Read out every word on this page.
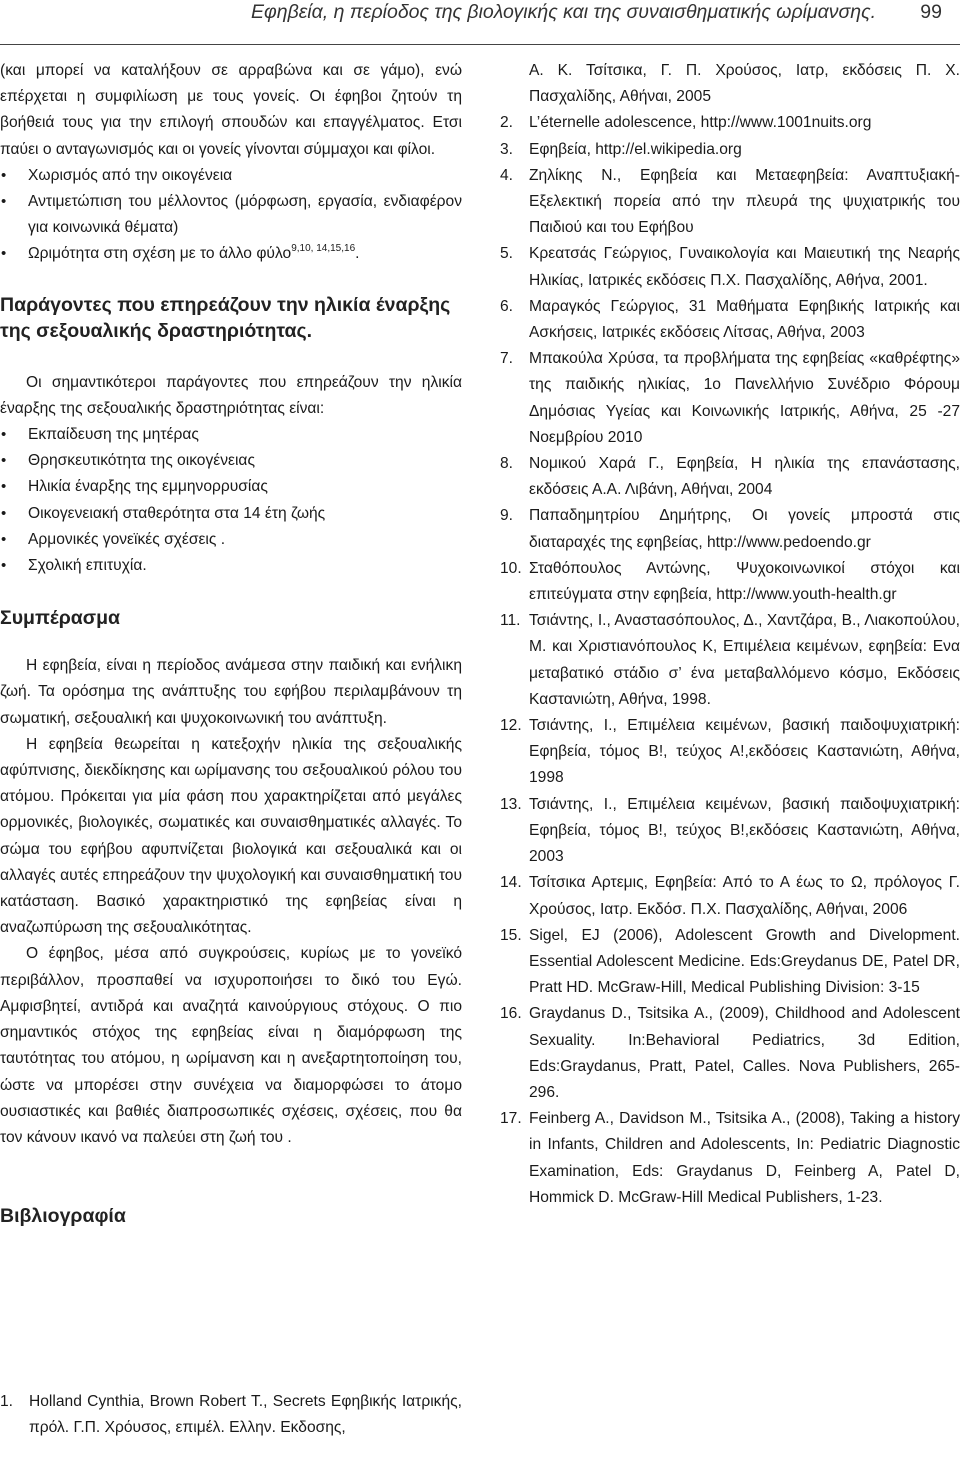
Εφηβεία, η περίοδος της βιολογικής και της συναισθηματικής ωρίμανσης. 99

(και μπορεί να καταλήξουν σε αρραβώνα και σε γάμο), ενώ επέρχεται η συμφιλίωση με τους γονείς. Οι έφηβοι ζητούν τη βοήθειά τους για την επιλογή σπουδών και επαγγέλματος. Ετσι παύει ο ανταγωνισμός και οι γονείς γίνονται σύμμαχοι και φίλοι.

• Χωρισμός από την οικογένεια
• Αντιμετώπιση του μέλλοντος (μόρφωση, εργασία, ενδιαφέρον για κοινωνικά θέματα)
• Ωριμότητα στη σχέση με το άλλο φύλο$^{9,10, 14,15,16}$.
Παράγοντες που επηρεάζουν την ηλικία έναρξης της σεξουαλικής δραστηριότητας.

Οι σημαντικότεροι παράγοντες που επηρεάζουν την ηλικία έναρξης της σεξουαλικής δραστηριότητας είναι:

• Εκπαίδευση της μητέρας
• Θρησκευτικότητα της οικογένειας
• Ηλικία έναρξης της εμμηνορρυσίας
• Οικογενειακή σταθερότητα στα 14 έτη ζωής
• Αρμονικές γονεϊκές σχέσεις .
• Σχολική επιτυχία.
Συμπέρασμα

Η εφηβεία, είναι η περίοδος ανάμεσα στην παιδική και ενήλικη ζωή. Τα ορόσημα της ανάπτυξης του εφήβου περιλαμβάνουν τη σωματική, σεξουαλική και ψυχοκοινωνική του ανάπτυξη.

Η εφηβεία θεωρείται η κατεξοχήν ηλικία της σεξουαλικής αφύπνισης, διεκδίκησης και ωρίμανσης του σεξουαλικού ρόλου του ατόμου. Πρόκειται για μία φάση που χαρακτηρίζεται από μεγάλες ορμονικές, βιολογικές, σωματικές και συναισθηματικές αλλαγές. Το σώμα του εφήβου αφυπνίζεται βιολογικά και σεξουαλικά και οι αλλαγές αυτές επηρεάζουν την ψυχολογική και συναισθηματική του κατάσταση. Βασικό χαρακτηριστικό της εφηβείας είναι η αναζωπύρωση της σεξουαλικότητας.

Ο έφηβος, μέσα από συγκρούσεις, κυρίως με το γονεϊκό περιβάλλον, προσπαθεί να ισχυροποιήσει το δικό του Εγώ. Αμφισβητεί, αντιδρά και αναζητά καινούργιους στόχους. Ο πιο σημαντικός στόχος της εφηβείας είναι η διαμόρφωση της ταυτότητας του ατόμου, η ωρίμανση και η ανεξαρτητοποίηση του, ώστε να μπορέσει στην συνέχεια να διαμορφώσει το άτομο ουσιαστικές και βαθιές διαπροσωπικές σχέσεις, σχέσεις, που θα τον κάνουν ικανό να παλεύει στη ζωή του .

Βιβλιογραφία
1. Holland Cynthia, Brown Robert T., Secrets Εφηβικής Ιατρικής, πρόλ. Γ.Π. Χρόυσος, επιμέλ. Ελλην. Εκδοσης,
Α. Κ. Τσίτσικα, Γ. Π. Χρούσος, Ιατρ, εκδόσεις Π. Χ. Πασχαλίδης, Αθήναι, 2005
2. L’éternelle adolescence, http://www.1001nuits.org
3. Εφηβεία, http://el.wikipedia.org
4. Ζηλίκης Ν., Εφηβεία και Μεταεφηβεία: Αναπτυξιακή-Εξελεκτική πορεία από την πλευρά της ψυχιατρικής του Παιδιού και του Εφήβου
5. Κρεατσάς Γεώργιος, Γυναικολογία και Μαιευτική της Νεαρής Ηλικίας, Ιατρικές εκδόσεις Π.Χ. Πασχαλίδης, Αθήνα, 2001.
6. Μαραγκός Γεώργιος, 31 Μαθήματα Εφηβικής Ιατρικής και Ασκήσεις, Ιατρικές εκδόσεις Λίτσας, Αθήνα, 2003
7. Μπακούλα Χρύσα, τα προβλήματα της εφηβείας «καθρέφτης» της παιδικής ηλικίας, 1ο Πανελλήνιο Συνέδριο Φόρουμ Δημόσιας Υγείας και Κοινωνικής Ιατρικής, Αθήνα, 25 -27 Νοεμβρίου 2010
8. Νομικού Χαρά Γ., Εφηβεία, Η ηλικία της επανάστασης, εκδόσεις Α.Α. Λιβάνη, Αθήναι, 2004
9. Παπαδημητρίου Δημήτρης, Οι γονείς μπροστά στις διαταραχές της εφηβείας, http://www.pedoendo.gr
10. Σταθόπουλος Αντώνης, Ψυχοκοινωνικοί στόχοι και επιτεύγματα στην εφηβεία, http://www.youth-health.gr
11. Τσιάντης, Ι., Αναστασόπουλος, Δ., Χαντζάρα, Β., Λιακοπούλου, Μ. και Χριστιανόπουλος Κ, Επιμέλεια κειμένων, εφηβεία: Ενα μεταβατικό στάδιο σ’ ένα μεταβαλλόμενο κόσμο, Εκδόσεις Καστανιώτη, Αθήνα, 1998.
12. Τσιάντης, Ι., Επιμέλεια κειμένων, βασική παιδοψυχιατρική: Εφηβεία, τόμος Β!, τεύχος Α!,εκδόσεις Καστανιώτη, Αθήνα, 1998
13. Τσιάντης, Ι., Επιμέλεια κειμένων, βασική παιδοψυχιατρική: Εφηβεία, τόμος Β!, τεύχος Β!,εκδόσεις Καστανιώτη, Αθήνα, 2003
14. Τσίτσικα Αρτεμις, Εφηβεία: Από το Α έως το Ω, πρόλογος Γ. Χρούσος, Ιατρ. Εκδόσ. Π.Χ. Πασχαλίδης, Αθήναι, 2006
15. Sigel, EJ (2006), Adolescent Growth and Divelopment. Essential Adolescent Medicine. Eds:Greydanus DE, Patel DR, Pratt HD. McGraw-Hill, Medical Publishing Division: 3-15
16. Graydanus D., Tsitsika A., (2009), Childhood and Adolescent Sexuality. In:Behavioral Pediatrics, 3d Edition, Eds:Graydanus, Pratt, Patel, Calles. Nova Publishers, 265-296.
17. Feinberg A., Davidson M., Tsitsika A., (2008), Taking a history in Infants, Children and Adolescents, In: Pediatric Diagnostic Examination, Eds: Graydanus D, Feinberg A, Patel D, Hommick D. McGraw-Hill Medical Publishers, 1-23.
